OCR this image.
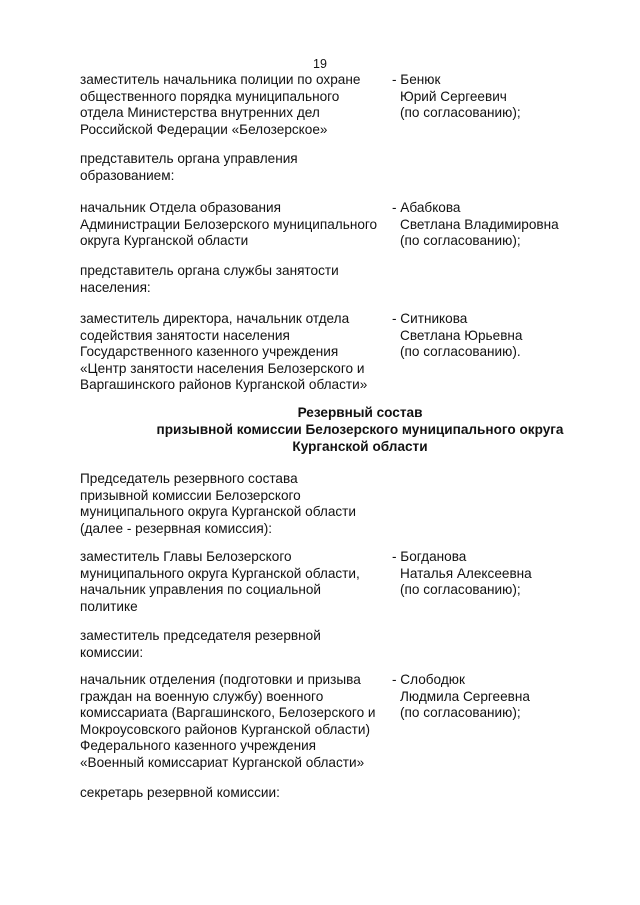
19
заместитель начальника полиции по охране
общественного порядка муниципального
отдела Министерства внутренних дел
Российской Федерации «Белозерское»
- Бенюк
Юрий Сергеевич
(по согласованию);
представитель органа управления
образованием:
начальник Отдела образования
Администрации Белозерского муниципального
округа Курганской области
- Абабкова
Светлана Владимировна
(по согласованию);
представитель органа службы занятости
населения:
заместитель директора, начальник отдела
содействия занятости населения
Государственного казенного учреждения
«Центр занятости населения Белозерского и
Варгашинского районов Курганской области»
- Ситникова
Светлана Юрьевна
(по согласованию).
Резервный состав
призывной комиссии Белозерского муниципального округа
Курганской области
Председатель резервного состава
призывной комиссии Белозерского
муниципального округа Курганской области
(далее - резервная комиссия):
заместитель Главы Белозерского
муниципального округа Курганской области,
начальник управления по социальной
политике
- Богданова
Наталья Алексеевна
(по согласованию);
заместитель председателя резервной
комиссии:
начальник отделения (подготовки и призыва
граждан на военную службу) военного
комиссариата (Варгашинского, Белозерского и
Мокроусовского районов Курганской области)
Федерального казенного учреждения
«Военный комиссариат Курганской области»
- Слободюк
Людмила Сергеевна
(по согласованию);
секретарь резервной комиссии:
